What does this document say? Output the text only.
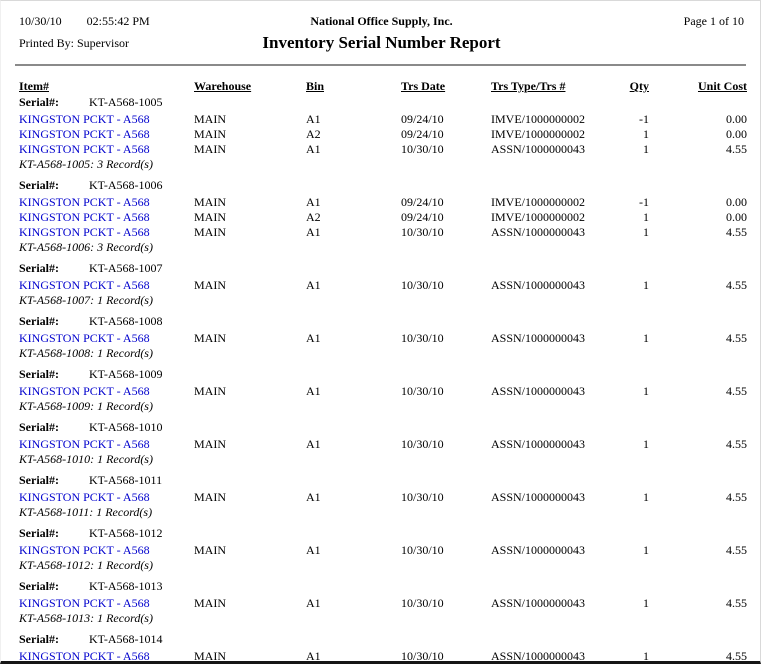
10/30/10 02:55:42 PM	National Office Supply, Inc.	Page 1 of 10
Printed By: Supervisor	Inventory Serial Number Report
Item#	Warehouse	Bin	Trs Date	Trs Type/Trs #	Qty	Unit Cost
Serial#:	KT-A568-1005
KINGSTON PCKT - A568	MAIN	A1	09/24/10	IMVE/1000000002	-1	0.00
KINGSTON PCKT - A568	MAIN	A2	09/24/10	IMVE/1000000002	1	0.00
KINGSTON PCKT - A568	MAIN	A1	10/30/10	ASSN/1000000043	1	4.55
KT-A568-1005: 3 Record(s)
Serial#:	KT-A568-1006
KINGSTON PCKT - A568	MAIN	A1	09/24/10	IMVE/1000000002	-1	0.00
KINGSTON PCKT - A568	MAIN	A2	09/24/10	IMVE/1000000002	1	0.00
KINGSTON PCKT - A568	MAIN	A1	10/30/10	ASSN/1000000043	1	4.55
KT-A568-1006: 3 Record(s)
Serial#:	KT-A568-1007
KINGSTON PCKT - A568	MAIN	A1	10/30/10	ASSN/1000000043	1	4.55
KT-A568-1007: 1 Record(s)
Serial#:	KT-A568-1008
KINGSTON PCKT - A568	MAIN	A1	10/30/10	ASSN/1000000043	1	4.55
KT-A568-1008: 1 Record(s)
Serial#:	KT-A568-1009
KINGSTON PCKT - A568	MAIN	A1	10/30/10	ASSN/1000000043	1	4.55
KT-A568-1009: 1 Record(s)
Serial#:	KT-A568-1010
KINGSTON PCKT - A568	MAIN	A1	10/30/10	ASSN/1000000043	1	4.55
KT-A568-1010: 1 Record(s)
Serial#:	KT-A568-1011
KINGSTON PCKT - A568	MAIN	A1	10/30/10	ASSN/1000000043	1	4.55
KT-A568-1011: 1 Record(s)
Serial#:	KT-A568-1012
KINGSTON PCKT - A568	MAIN	A1	10/30/10	ASSN/1000000043	1	4.55
KT-A568-1012: 1 Record(s)
Serial#:	KT-A568-1013
KINGSTON PCKT - A568	MAIN	A1	10/30/10	ASSN/1000000043	1	4.55
KT-A568-1013: 1 Record(s)
Serial#:	KT-A568-1014
KINGSTON PCKT - A568	MAIN	A1	10/30/10	ASSN/1000000043	1	4.55
